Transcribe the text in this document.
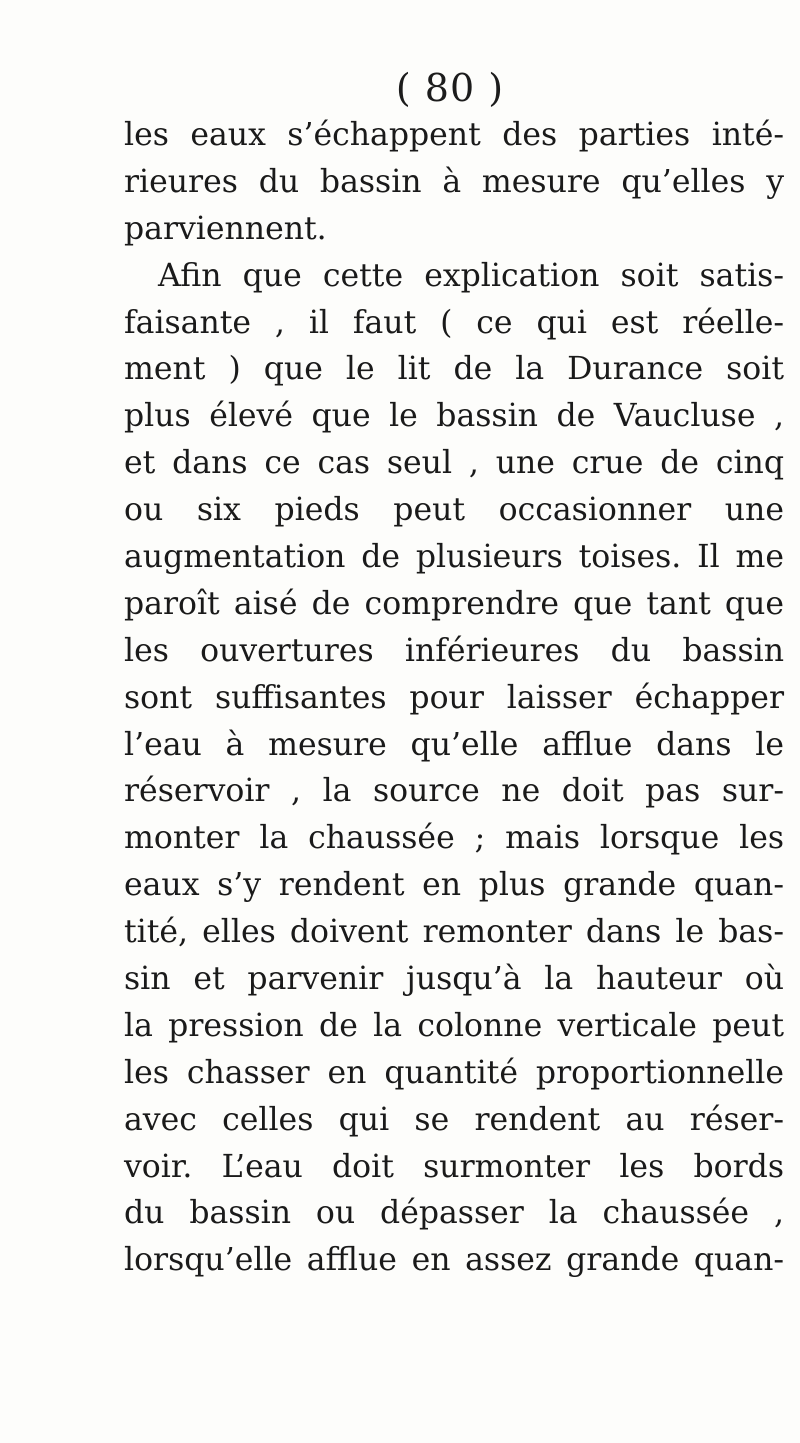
( 80 )
les eaux s’échappent des parties inté-
rieures du bassin à mesure qu’elles y
parviennent.
Afin que cette explication soit satis-
faisante , il faut ( ce qui est réelle-
ment ) que le lit de la Durance soit
plus élevé que le bassin de Vaucluse ,
et dans ce cas seul , une crue de cinq
ou six pieds peut occasionner une
augmentation de plusieurs toises. Il me
paroît aisé de comprendre que tant que
les ouvertures inférieures du bassin
sont suffisantes pour laisser échapper
l’eau à mesure qu’elle afflue dans le
réservoir , la source ne doit pas sur-
monter la chaussée ; mais lorsque les
eaux s’y rendent en plus grande quan-
tité, elles doivent remonter dans le bas-
sin et parvenir jusqu’à la hauteur où
la pression de la colonne verticale peut
les chasser en quantité proportionnelle
avec celles qui se rendent au réser-
voir. L’eau doit surmonter les bords
du bassin ou dépasser la chaussée ,
lorsqu’elle afflue en assez grande quan-
